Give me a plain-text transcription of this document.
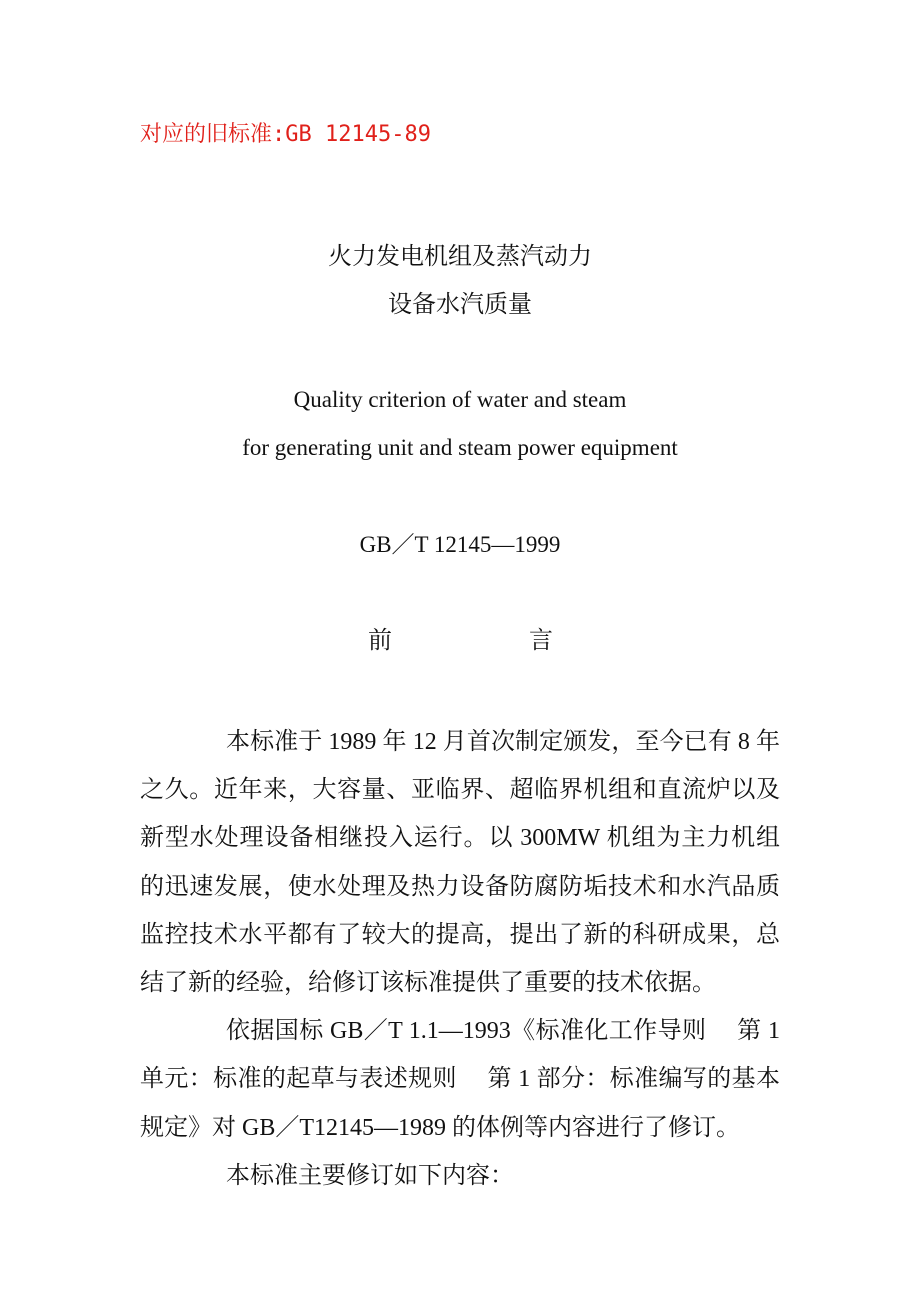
对应的旧标准:GB 12145-89
火力发电机组及蒸汽动力
设备水汽质量
Quality criterion of water and steam
for generating unit and steam power equipment
GB／T 12145—1999
前	言

本标准于 1989 年 12 月首次制定颁发，至今已有 8 年之久。近年来，大容量、亚临界、超临界机组和直流炉以及新型水处理设备相继投入运行。以 300MW 机组为主力机组的迅速发展，使水处理及热力设备防腐防垢技术和水汽品质监控技术水平都有了较大的提高，提出了新的科研成果，总结了新的经验，给修订该标准提供了重要的技术依据。

依据国标 GB／T 1.1—1993《标准化工作导则　 第 1 单元：标准的起草与表述规则　 第 1 部分：标准编写的基本规定》对 GB／T12145—1989 的体例等内容进行了修订。

本标准主要修订如下内容：
